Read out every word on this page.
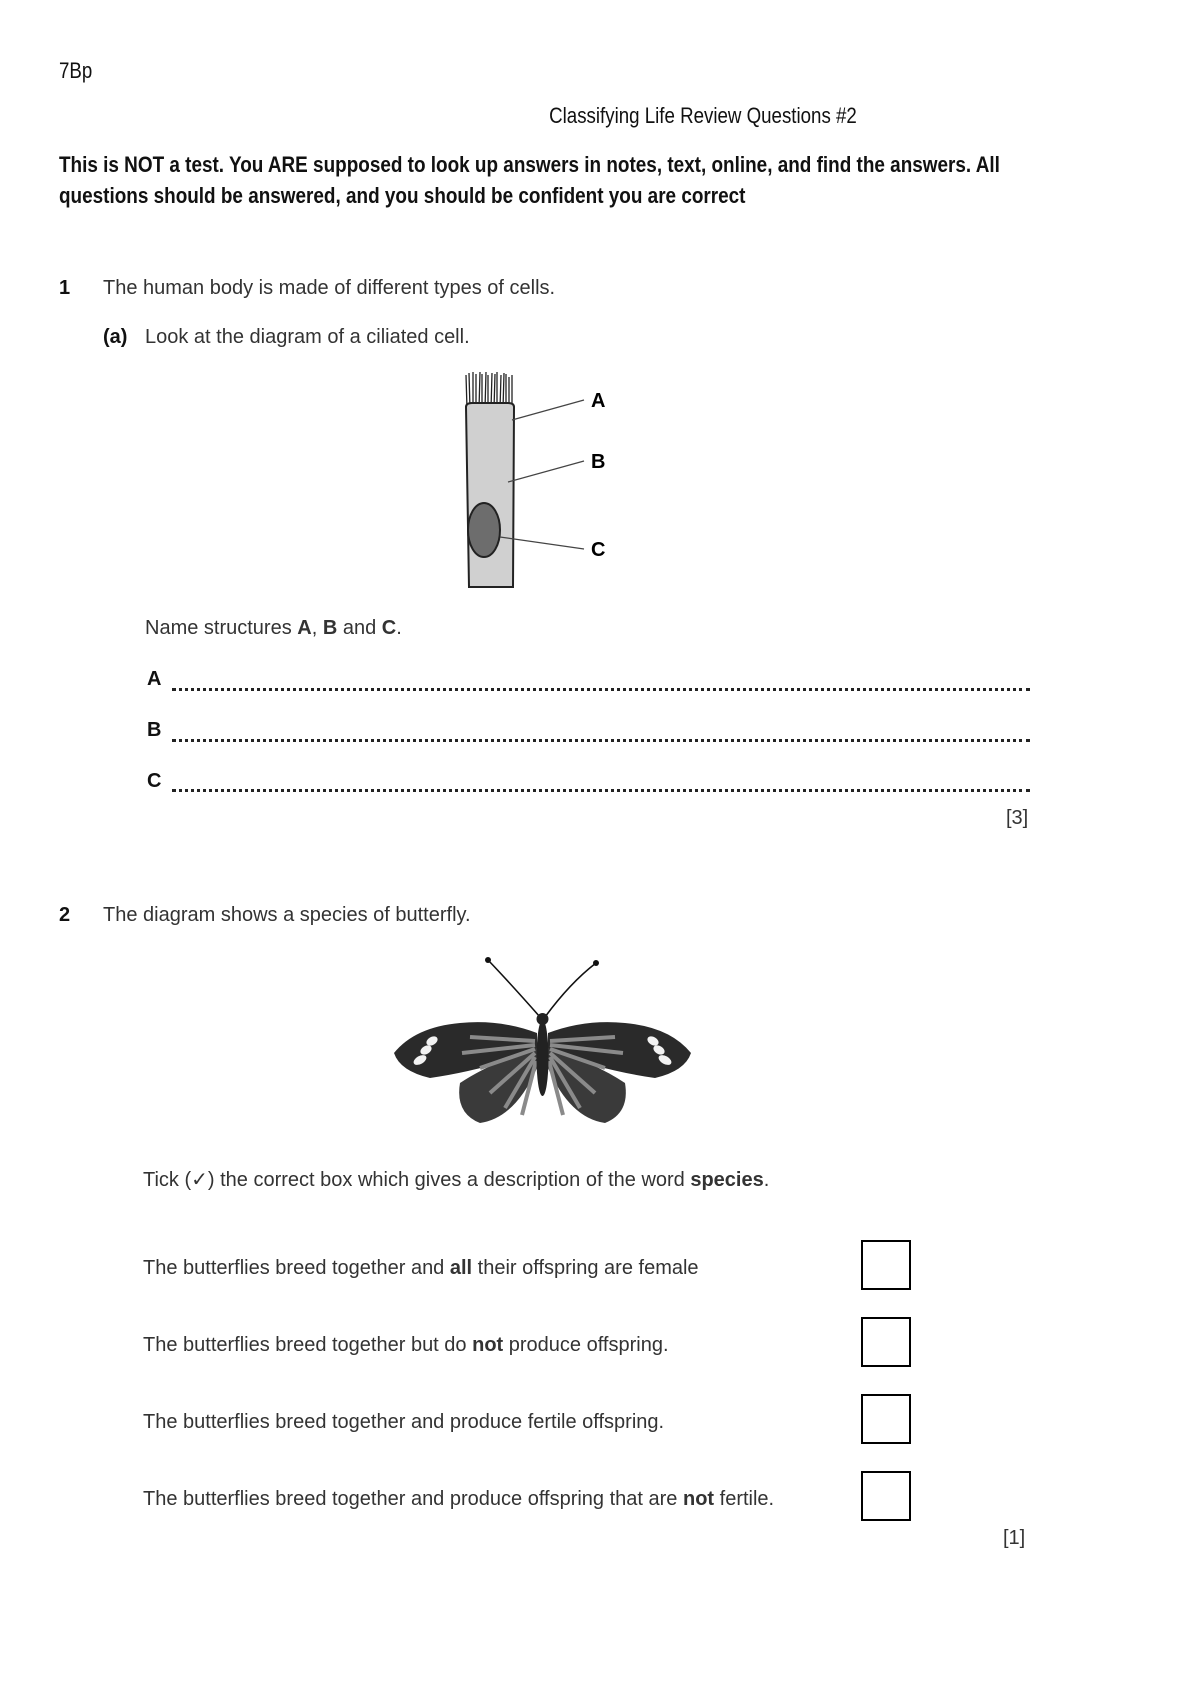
7Bp
Classifying Life Review Questions #2
This is NOT a test. You ARE supposed to look up answers in notes, text, online, and find the answers. All questions should be answered, and you should be confident you are correct
1 The human body is made of different types of cells.
(a) Look at the diagram of a ciliated cell.
A
B
C
Name structures A, B and C.
A
B
C
[3]
2 The diagram shows a species of butterfly.
Tick (✓) the correct box which gives a description of the word species.
The butterflies breed together and all their offspring are female
The butterflies breed together but do not produce offspring.
The butterflies breed together and produce fertile offspring.
The butterflies breed together and produce offspring that are not fertile.
[1]
